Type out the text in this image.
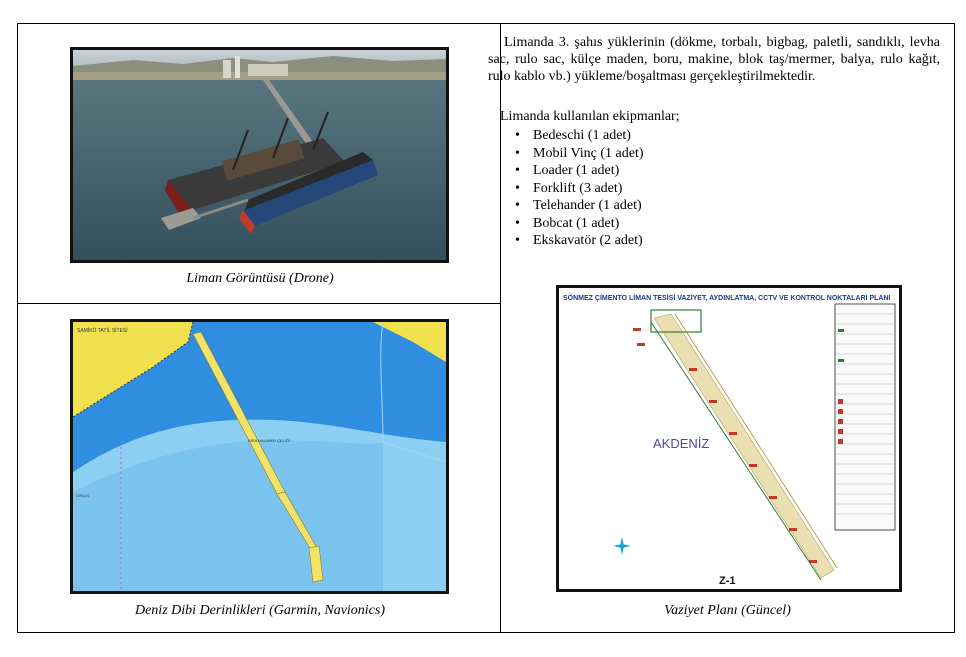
Liman Görüntüsü (Drone)
SAMİKÖ TATİL SİTESİ
BİRA HALİMER ÇELİĞİ
DIRLIS
Deniz Dibi Derinlikleri (Garmin, Navionics)
Limanda 3. şahıs yüklerinin (dökme, torbalı, bigbag, paletli, sandıklı, levha sac, rulo sac, külçe maden, boru, makine, blok taş/mermer, balya, rulo kağıt, rulo kablo vb.) yükleme/boşaltması gerçekleştirilmektedir.
Limanda kullanılan ekipmanlar;
• Bedeschi (1 adet)
• Mobil Vinç (1 adet)
• Loader (1 adet)
• Forklift (3 adet)
• Telehander (1 adet)
• Bobcat (1 adet)
• Ekskavatör (2 adet)
SÖNMEZ ÇİMENTO LİMAN TESİSİ VAZİYET, AYDINLATMA, CCTV VE KONTROL NOKTALARI PLANI
AKDENİZ
Z-1
Vaziyet Planı (Güncel)
